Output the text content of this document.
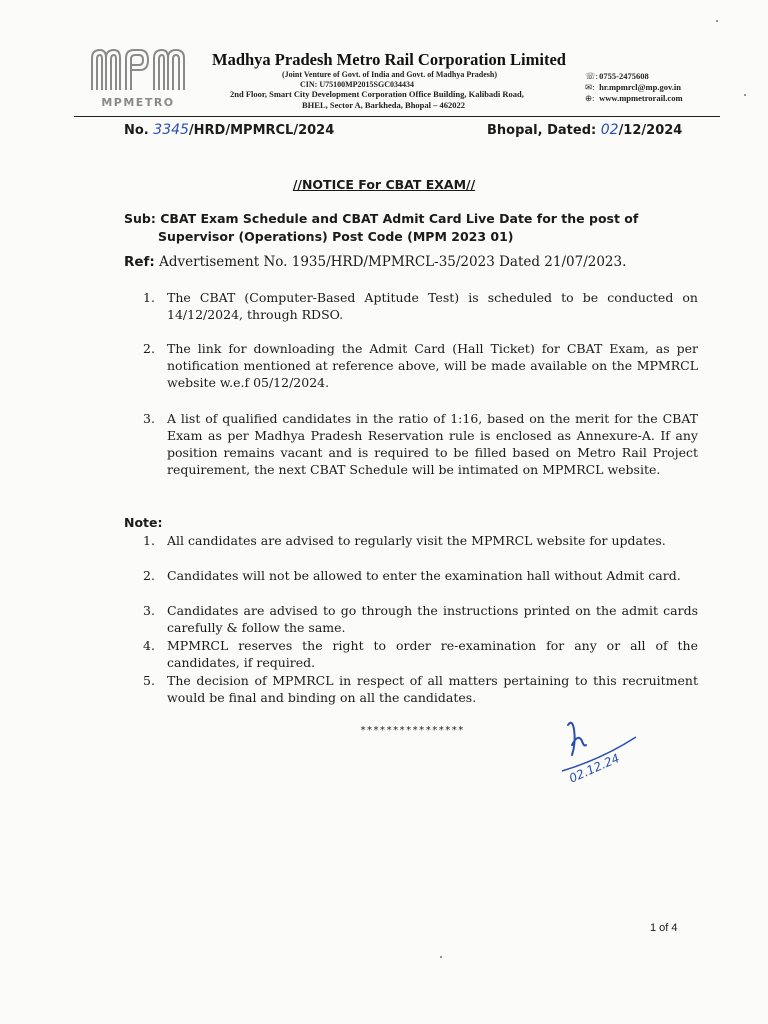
MPMETRO
Madhya Pradesh Metro Rail Corporation Limited
(Joint Venture of Govt. of India and Govt. of Madhya Pradesh)
CIN: U75100MP2015SGC034434
2nd Floor, Smart City Development Corporation Office Building, Kalibadi Road,
BHEL, Sector A, Barkheda, Bhopal – 462022
☏: 0755-2475608
✉: hr.mpmrcl@mp.gov.in
⊕: www.mpmetrorail.com
No. 3345/HRD/MPMRCL/2024	Bhopal, Dated: 02/12/2024
//NOTICE For CBAT EXAM//
Sub: CBAT Exam Schedule and CBAT Admit Card Live Date for the post of
Supervisor (Operations) Post Code (MPM 2023 01)
Ref: Advertisement No. 1935/HRD/MPMRCL-35/2023 Dated 21/07/2023.
1. The CBAT (Computer-Based Aptitude Test) is scheduled to be conducted on 14/12/2024, through RDSO.
2. The link for downloading the Admit Card (Hall Ticket) for CBAT Exam, as per notification mentioned at reference above, will be made available on the MPMRCL website w.e.f 05/12/2024.
3. A list of qualified candidates in the ratio of 1:16, based on the merit for the CBAT Exam as per Madhya Pradesh Reservation rule is enclosed as Annexure-A. If any position remains vacant and is required to be filled based on Metro Rail Project requirement, the next CBAT Schedule will be intimated on MPMRCL website.
Note:
1. All candidates are advised to regularly visit the MPMRCL website for updates.
2. Candidates will not be allowed to enter the examination hall without Admit card.
3. Candidates are advised to go through the instructions printed on the admit cards carefully & follow the same.
4. MPMRCL reserves the right to order re-examination for any or all of the candidates, if required.
5. The decision of MPMRCL in respect of all matters pertaining to this recruitment would be final and binding on all the candidates.
****************
02.12.24
1 of 4
